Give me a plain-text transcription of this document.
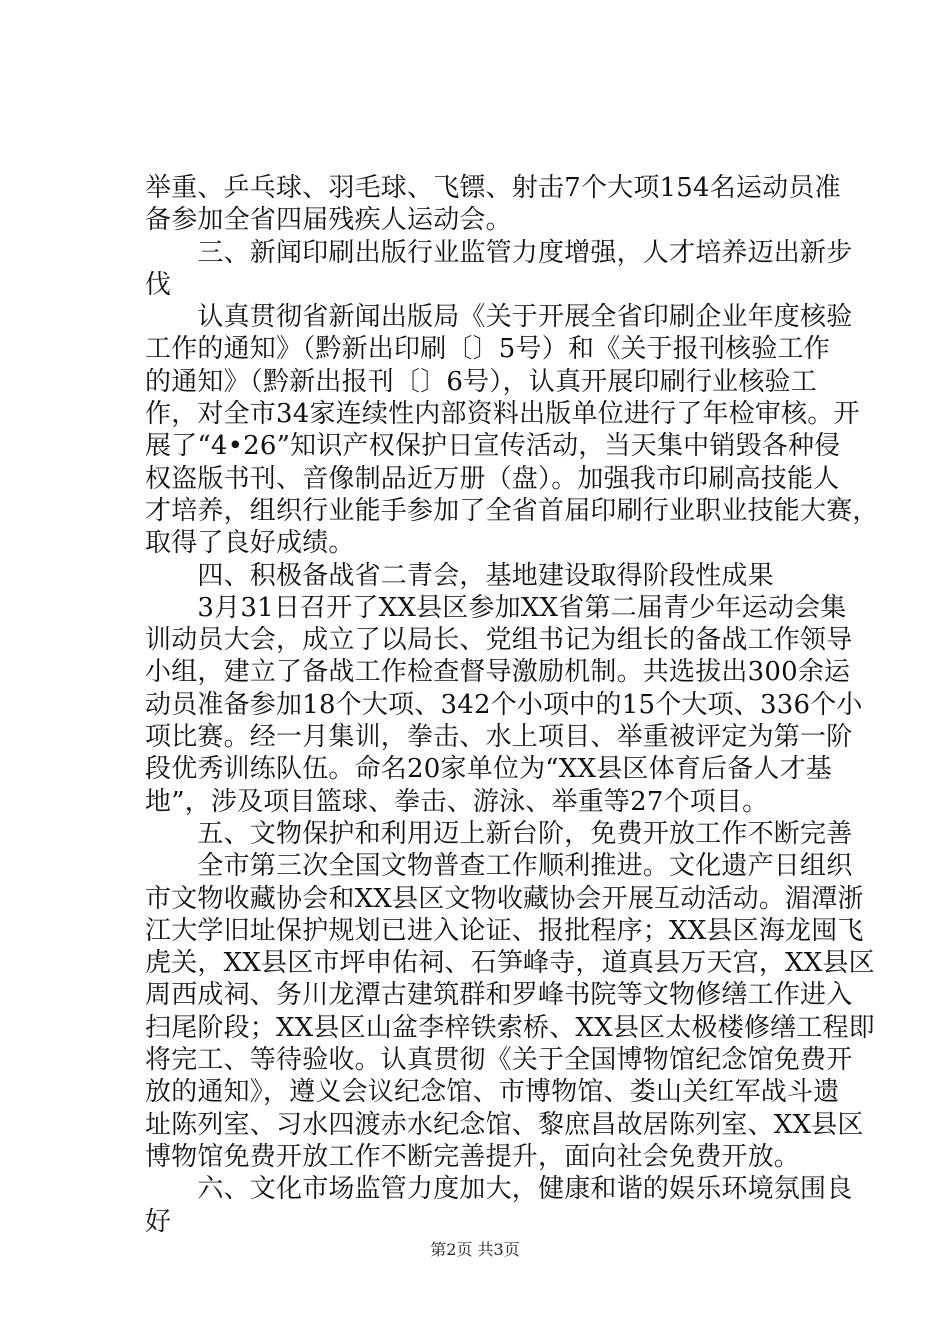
举重、乒乓球、羽毛球、飞镖、射击7个大项154名运动员准
备参加全省四届残疾人运动会。
　　三、新闻印刷出版行业监管力度增强，人才培养迈出新步
伐
　　认真贯彻省新闻出版局《关于开展全省印刷企业年度核验
工作的通知》（黔新出印刷〔〕5号）和《关于报刊核验工作
的通知》（黔新出报刊〔〕6号），认真开展印刷行业核验工
作，对全市34家连续性内部资料出版单位进行了年检审核。开
展了“4•26”知识产权保护日宣传活动，当天集中销毁各种侵
权盗版书刊、音像制品近万册（盘）。加强我市印刷高技能人
才培养，组织行业能手参加了全省首届印刷行业职业技能大赛，
取得了良好成绩。
　　四、积极备战省二青会，基地建设取得阶段性成果
　　3月31日召开了XX县区参加XX省第二届青少年运动会集
训动员大会，成立了以局长、党组书记为组长的备战工作领导
小组，建立了备战工作检查督导激励机制。共选拔出300余运
动员准备参加18个大项、342个小项中的15个大项、336个小
项比赛。经一月集训，拳击、水上项目、举重被评定为第一阶
段优秀训练队伍。命名20家单位为“XX县区体育后备人才基
地”，涉及项目篮球、拳击、游泳、举重等27个项目。
　　五、文物保护和利用迈上新台阶，免费开放工作不断完善
　　全市第三次全国文物普查工作顺利推进。文化遗产日组织
市文物收藏协会和XX县区文物收藏协会开展互动活动。湄潭浙
江大学旧址保护规划已进入论证、报批程序；XX县区海龙囤飞
虎关，XX县区市坪申佑祠、石笋峰寺，道真县万天宫，XX县区
周西成祠、务川龙潭古建筑群和罗峰书院等文物修缮工作进入
扫尾阶段；XX县区山盆李梓铁索桥、XX县区太极楼修缮工程即
将完工、等待验收。认真贯彻《关于全国博物馆纪念馆免费开
放的通知》，遵义会议纪念馆、市博物馆、娄山关红军战斗遗
址陈列室、习水四渡赤水纪念馆、黎庶昌故居陈列室、XX县区
博物馆免费开放工作不断完善提升，面向社会免费开放。
　　六、文化市场监管力度加大，健康和谐的娱乐环境氛围良
好
第2页 共3页
